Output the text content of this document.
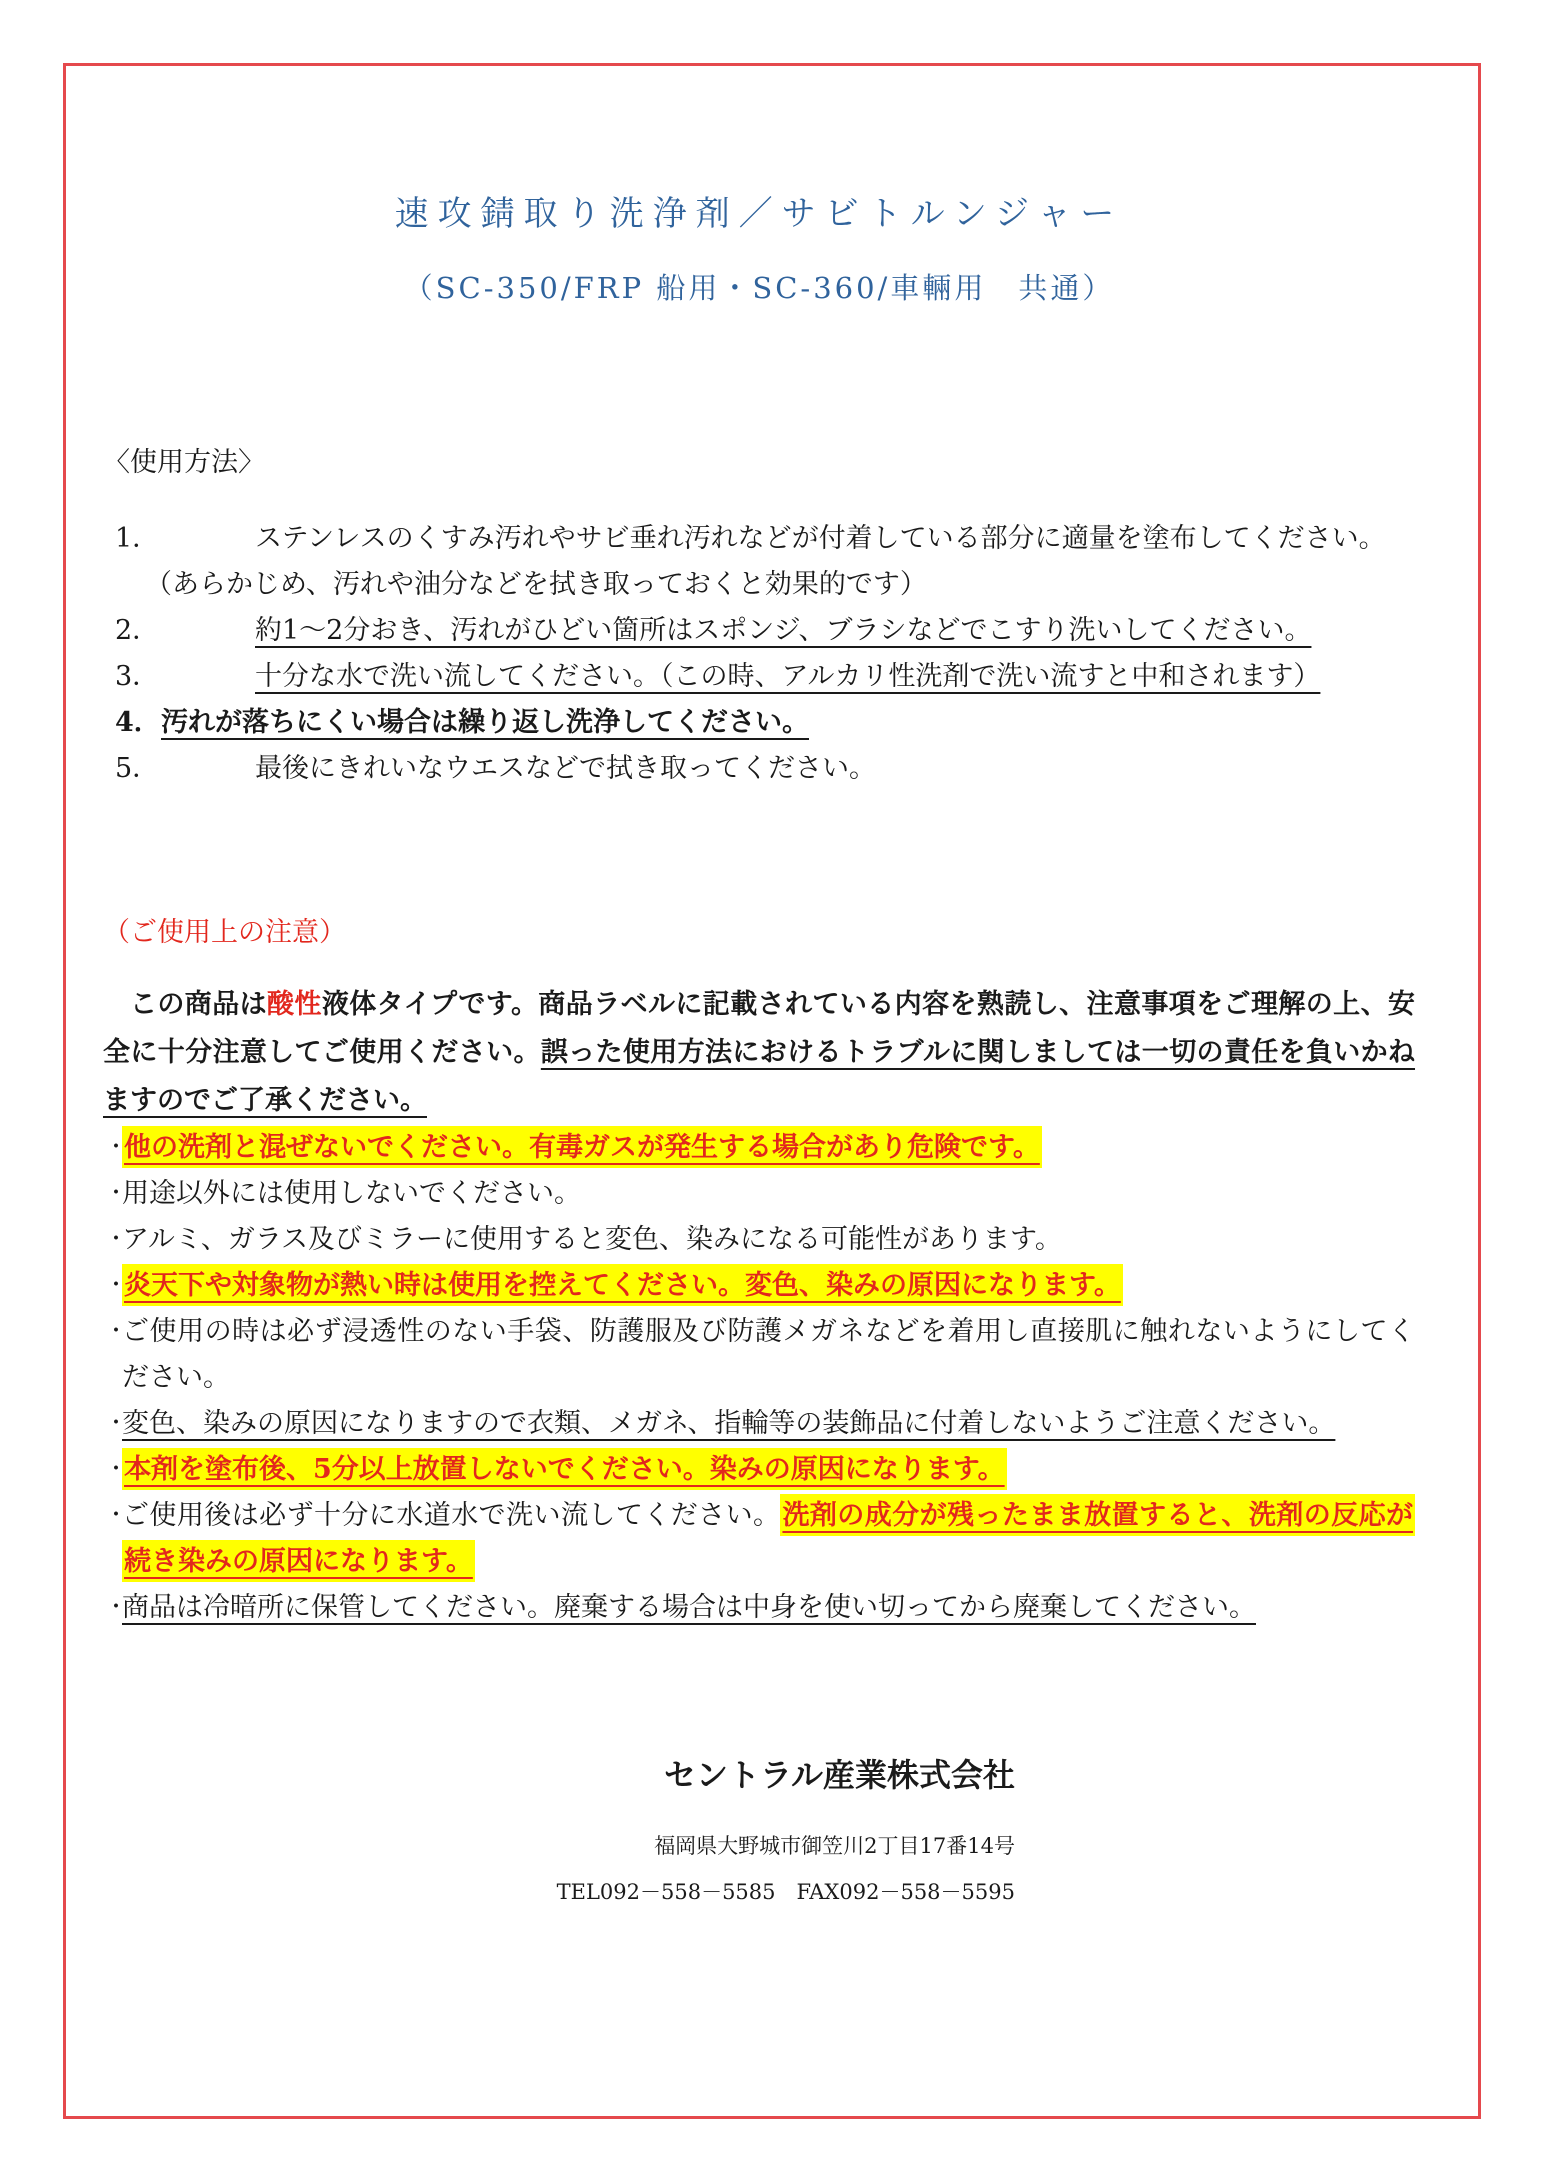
速攻錆取り洗浄剤／サビトルンジャー
（SC-350/FRP 船用・SC-360/車輛用　共通）
〈使用方法〉
1．	ステンレスのくすみ汚れやサビ垂れ汚れなどが付着している部分に適量を塗布してください。
（あらかじめ、汚れや油分などを拭き取っておくと効果的です）
2．	約1～2分おき、汚れがひどい箇所はスポンジ、ブラシなどでこすり洗いしてください。
3．	十分な水で洗い流してください。（この時、アルカリ性洗剤で洗い流すと中和されます）
4．汚れが落ちにくい場合は繰り返し洗浄してください。
5．	最後にきれいなウエスなどで拭き取ってください。
（ご使用上の注意）

この商品は酸性液体タイプです。商品ラベルに記載されている内容を熟読し、注意事項をご理解の上、安全に十分注意してご使用ください。誤った使用方法におけるトラブルに関しましては一切の責任を負いかねますのでご了承ください。

・
他の洗剤と混ぜないでください。有毒ガスが発生する場合があり危険です。
・
用途以外には使用しないでください。
・
アルミ、ガラス及びミラーに使用すると変色、染みになる可能性があります。
・
炎天下や対象物が熱い時は使用を控えてください。変色、染みの原因になります。
・
ご使用の時は必ず浸透性のない手袋、防護服及び防護メガネなどを着用し直接肌に触れないようにしてください。
・
変色、染みの原因になりますので衣類、メガネ、指輪等の装飾品に付着しないようご注意ください。
・
本剤を塗布後、5分以上放置しないでください。染みの原因になります。
・
ご使用後は必ず十分に水道水で洗い流してください。洗剤の成分が残ったまま放置すると、洗剤の反応が続き染みの原因になります。
・
商品は冷暗所に保管してください。廃棄する場合は中身を使い切ってから廃棄してください。
セントラル産業株式会社
福岡県大野城市御笠川2丁目17番14号
TEL092－558－5585　FAX092－558－5595
